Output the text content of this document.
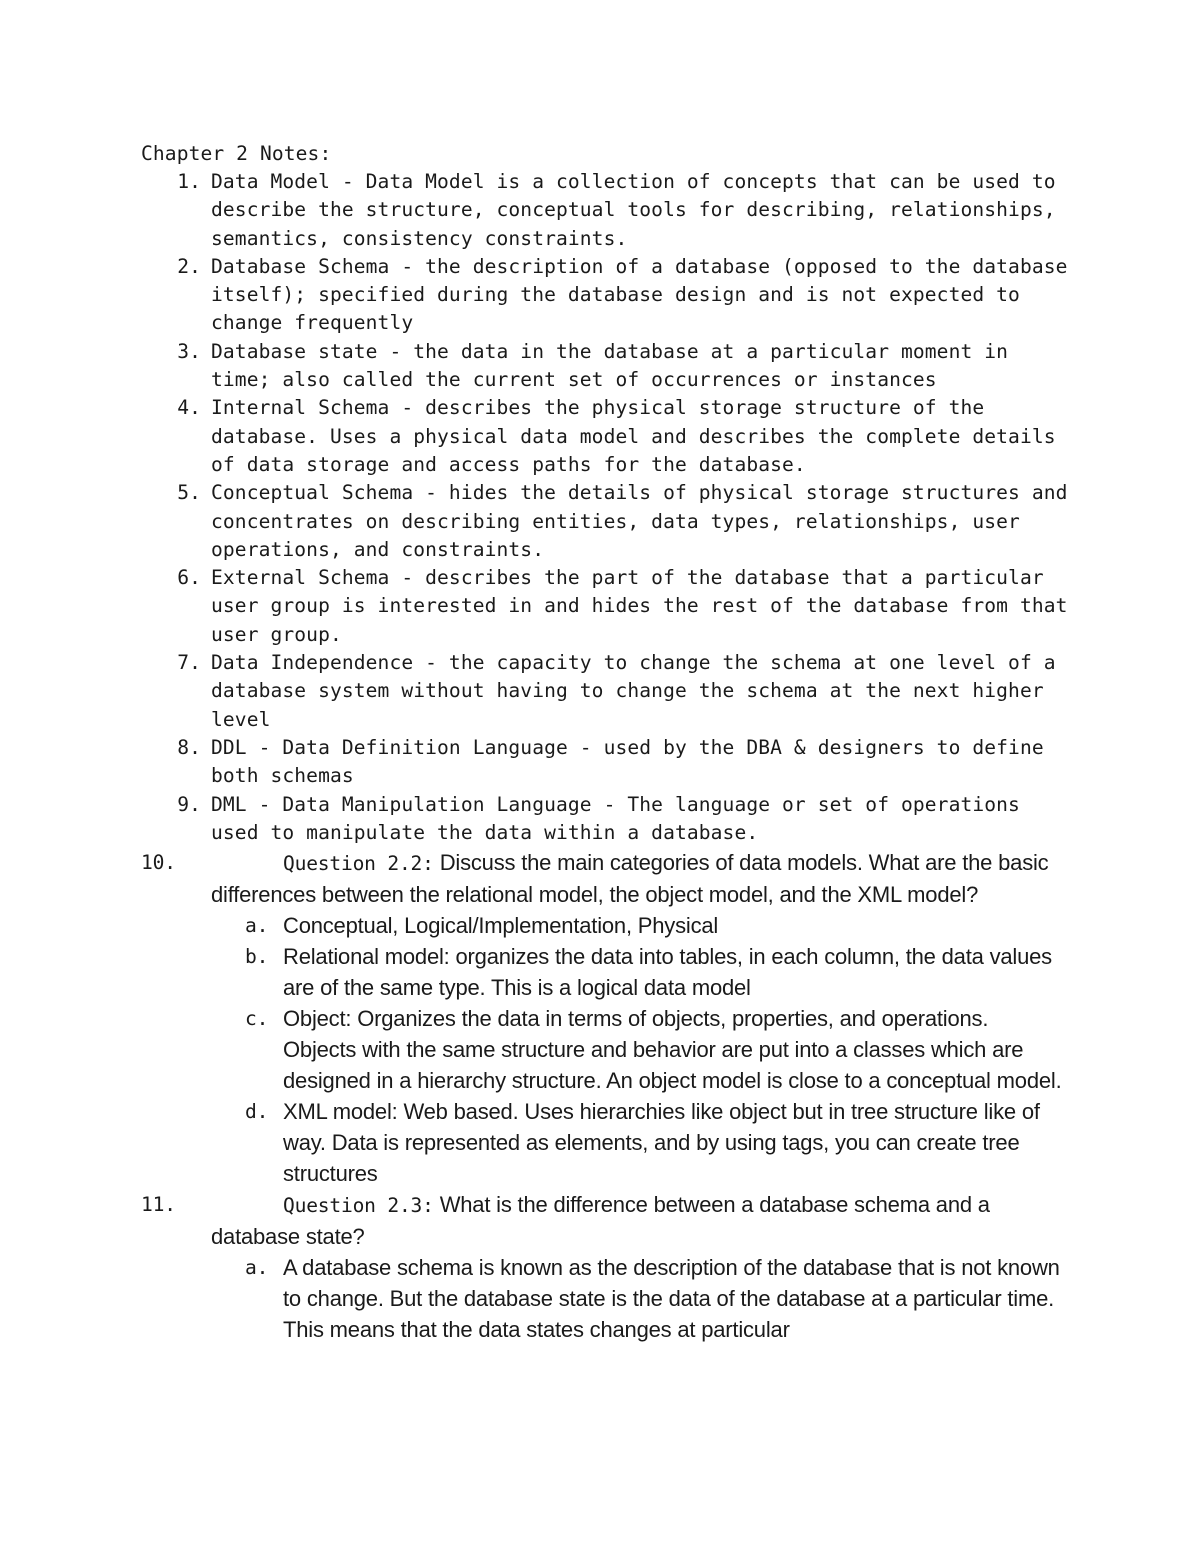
Chapter 2 Notes:
1. Data Model - Data Model is a collection of concepts that can be used to describe the structure, conceptual tools for describing, relationships, semantics, consistency constraints.
2. Database Schema - the description of a database (opposed to the database itself); specified during the database design and is not expected to change frequently
3. Database state - the data in the database at a particular moment in time; also called the current set of occurrences or instances
4. Internal Schema - describes the physical storage structure of the database. Uses a physical data model and describes the complete details of data storage and access paths for the database.
5. Conceptual Schema - hides the details of physical storage structures and concentrates on describing entities, data types, relationships, user operations, and constraints.
6. External Schema - describes the part of the database that a particular user group is interested in and hides the rest of the database from that user group.
7. Data Independence - the capacity to change the schema at one level of a database system without having to change the schema at the next higher level
8. DDL - Data Definition Language - used by the DBA & designers to define both schemas
9. DML - Data Manipulation Language - The language or set of operations used to manipulate the data within a database.
10.	Question 2.2: Discuss the main categories of data models. What are the basic differences between the relational model, the object model, and the XML model?
a. Conceptual, Logical/Implementation, Physical
b. Relational model: organizes the data into tables, in each column, the data values are of the same type. This is a logical data model
c. Object: Organizes the data in terms of objects, properties, and operations. Objects with the same structure and behavior are put into a classes which are designed in a hierarchy structure. An object model is close to a conceptual model.
d. XML model: Web based. Uses hierarchies like object but in tree structure like of way. Data is represented as elements, and by using tags, you can create tree structures
11.	Question 2.3: What is the difference between a database schema and a database state?
a. A database schema is known as the description of the database that is not known to change. But the database state is the data of the database at a particular time. This means that the data states changes at particular
